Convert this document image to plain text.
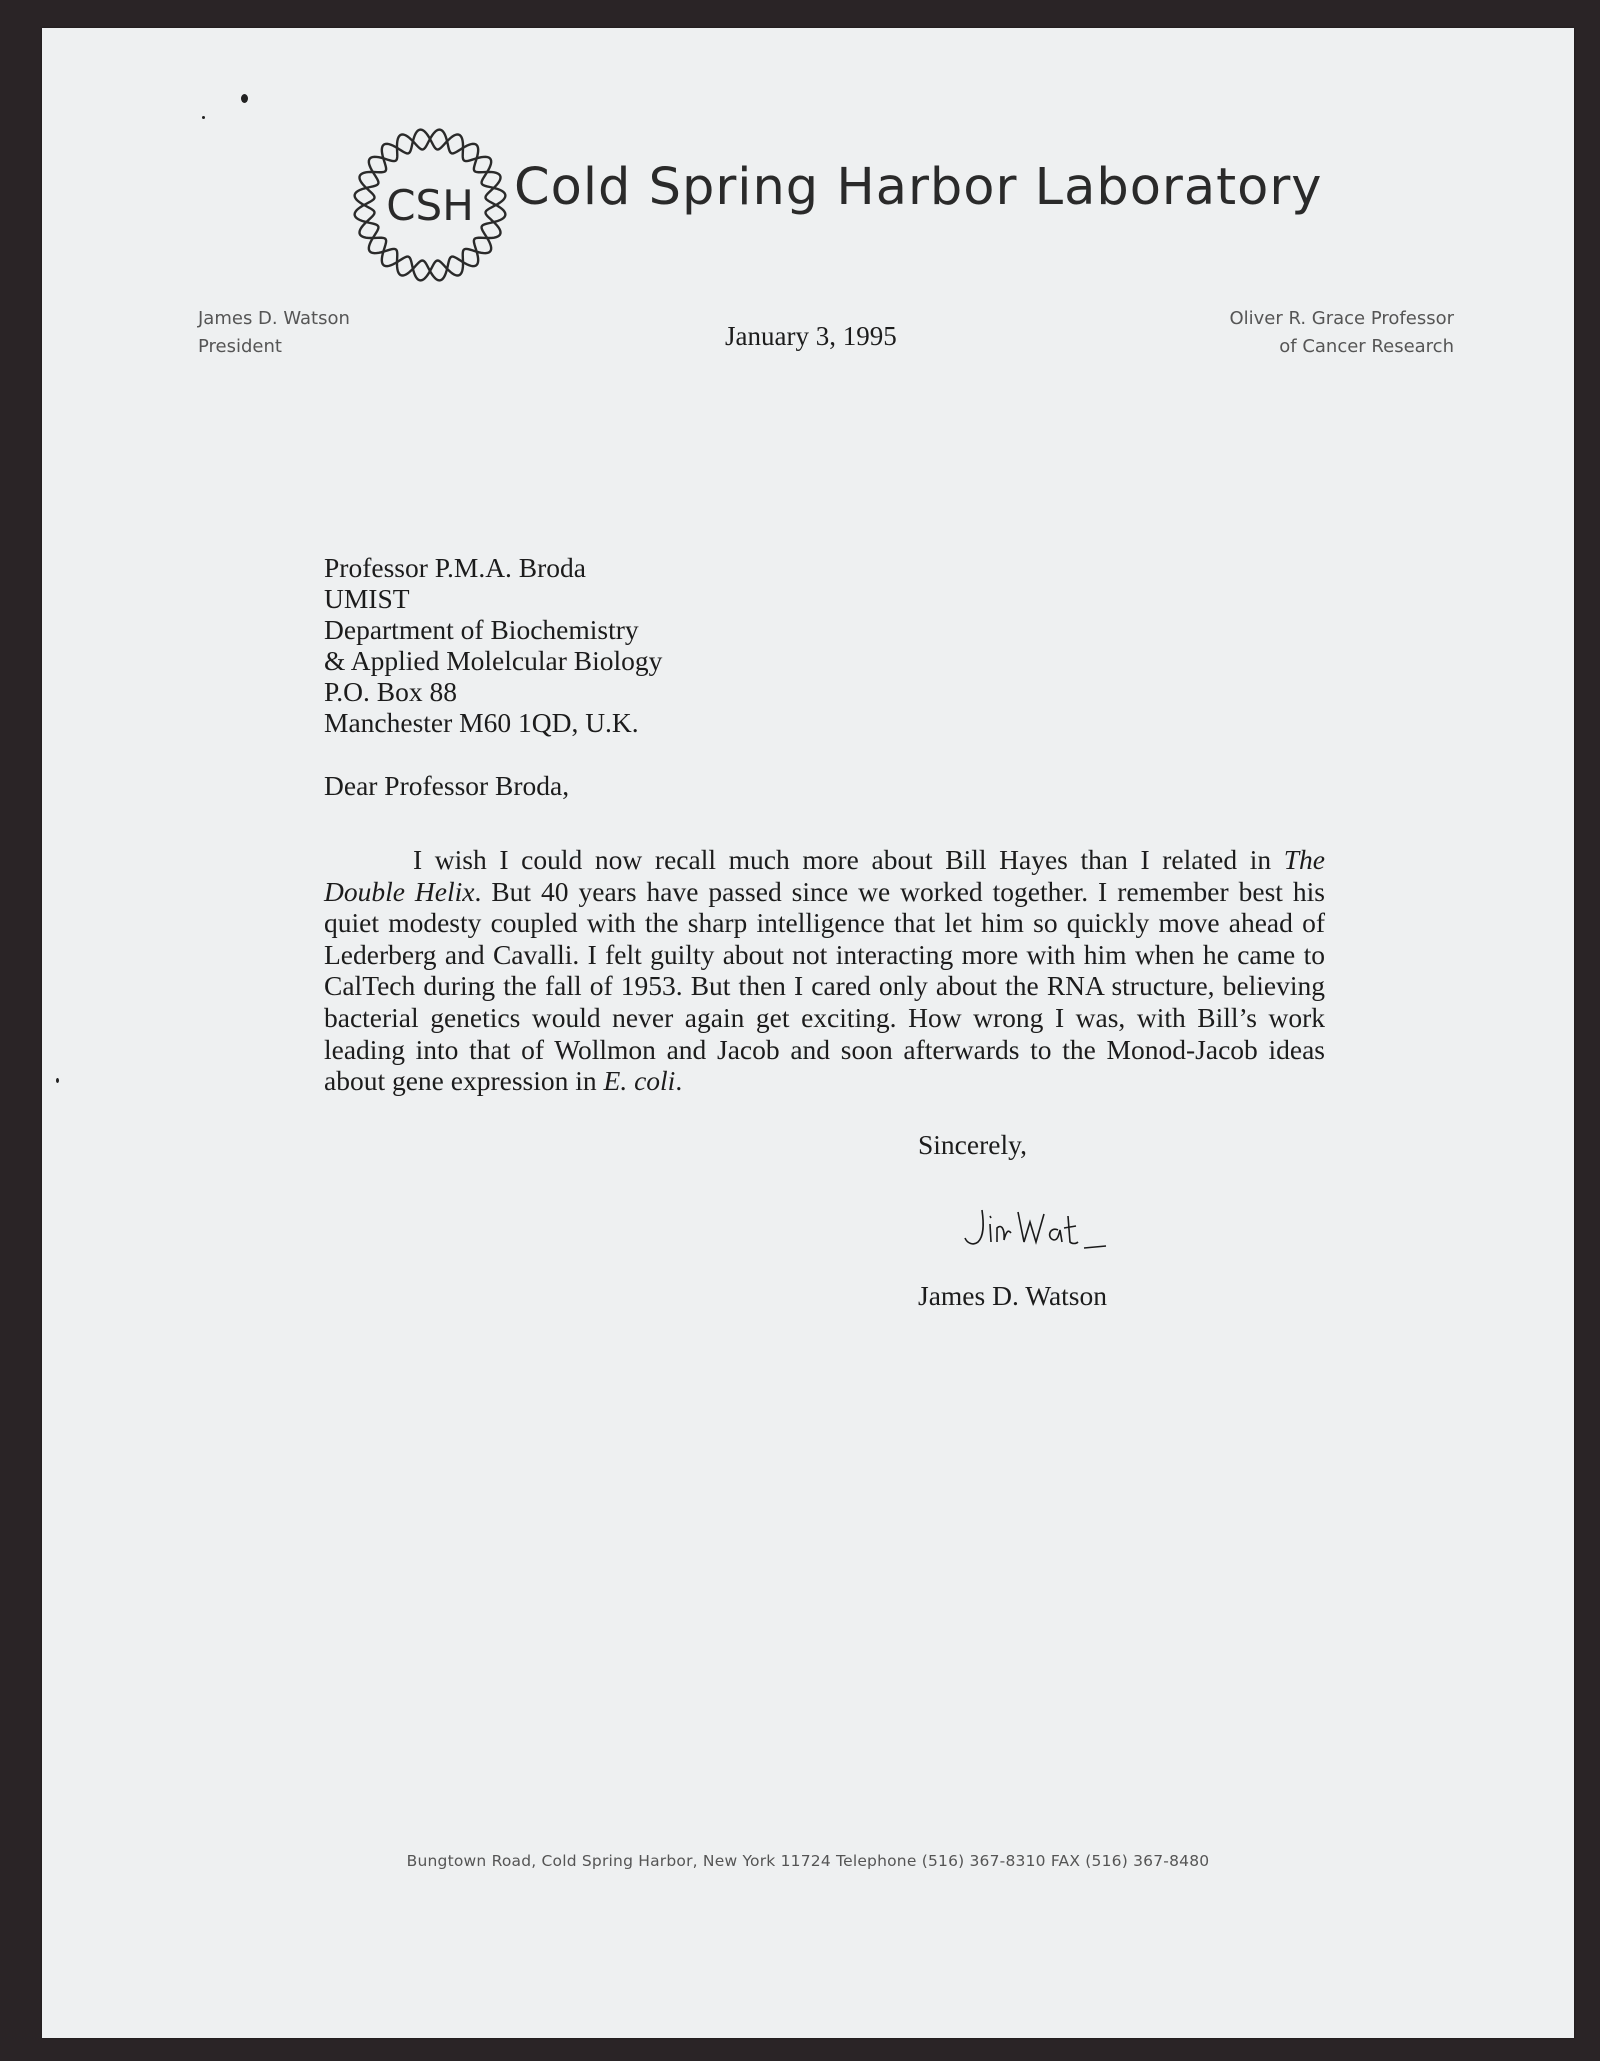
CSH Cold Spring Harbor Laboratory
James D. Watson
President
Oliver R. Grace Professor
of Cancer Research
January 3, 1995
Professor P.M.A. Broda
UMIST
Department of Biochemistry
& Applied Molelcular Biology
P.O. Box 88
Manchester M60 1QD, U.K.
Dear Professor Broda,

I wish I could now recall much more about Bill Hayes than I related in The Double Helix. But 40 years have passed since we worked together. I remember best his quiet modesty coupled with the sharp intelligence that let him so quickly move ahead of Lederberg and Cavalli. I felt guilty about not interacting more with him when he came to CalTech during the fall of 1953. But then I cared only about the RNA structure, believing bacterial genetics would never again get exciting. How wrong I was, with Bill’s work leading into that of Wollmon and Jacob and soon afterwards to the Monod-Jacob ideas about gene expression in E. coli.

Sincerely,
James D. Watson
Bungtown Road, Cold Spring Harbor, New York 11724 Telephone (516) 367-8310 FAX (516) 367-8480
